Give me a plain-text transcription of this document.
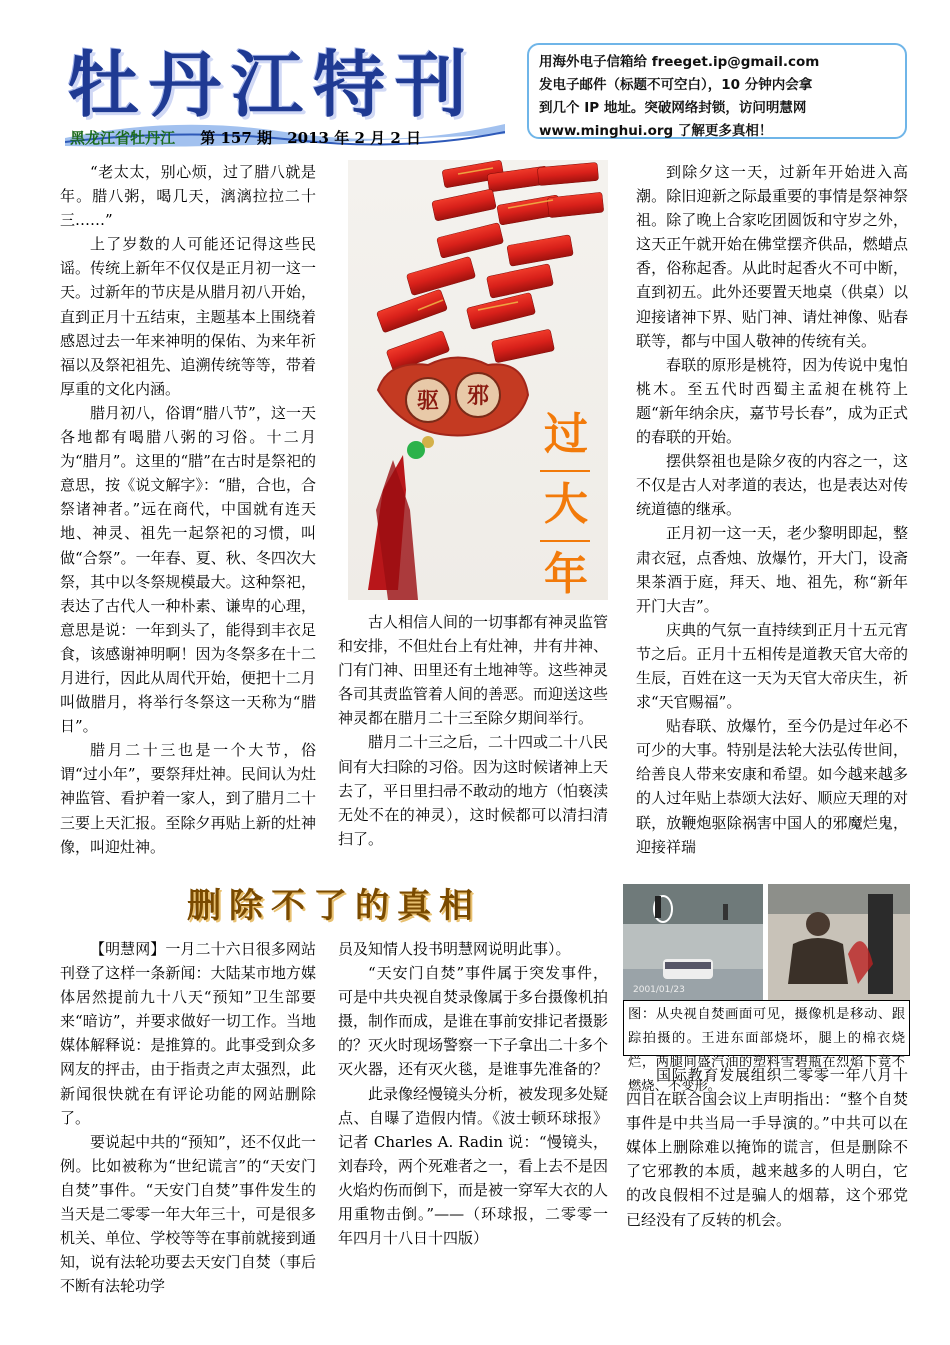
牡丹江特刊
黑龙江省牡丹江 第 157 期 2013 年 2 月 2 日
用海外电子信箱给 freeget.ip@gmail.com
发电子邮件（标题不可空白），10 分钟内会拿
到几个 IP 地址。突破网络封锁，访问明慧网
www.minghui.org 了解更多真相！

“老太太，别心烦，过了腊八就是年。腊八粥，喝几天，漓漓拉拉二十三……”

上了岁数的人可能还记得这些民谣。传统上新年不仅仅是正月初一这一天。过新年的节庆是从腊月初八开始，直到正月十五结束，主题基本上围绕着感恩过去一年来神明的保佑、为来年祈福以及祭祀祖先、追溯传统等等，带着厚重的文化内涵。

腊月初八，俗谓“腊八节”，这一天各地都有喝腊八粥的习俗。十二月为“腊月”。这里的“腊”在古时是祭祀的意思，按《说文解字》：“腊，合也，合祭诸神者。”远在商代，中国就有连天地、神灵、祖先一起祭祀的习惯，叫做“合祭”。一年春、夏、秋、冬四次大祭，其中以冬祭规模最大。这种祭祀，表达了古代人一种朴素、谦卑的心理，意思是说：一年到头了，能得到丰衣足食，该感谢神明啊！因为冬祭多在十二月进行，因此从周代开始，便把十二月叫做腊月，将举行冬祭这一天称为“腊日”。

腊月二十三也是一个大节，俗谓“过小年”，要祭拜灶神。民间认为灶神监管、看护着一家人，到了腊月二十三要上天汇报。至除夕再贴上新的灶神像，叫迎灶神。

驱 邪
过
大
年

古人相信人间的一切事都有神灵监管和安排，不但灶台上有灶神，井有井神、门有门神、田里还有土地神等。这些神灵各司其责监管着人间的善恶。而迎送这些神灵都在腊月二十三至除夕期间举行。

腊月二十三之后，二十四或二十八民间有大扫除的习俗。因为这时候诸神上天去了，平日里扫帚不敢动的地方（怕亵渎无处不在的神灵），这时候都可以清扫清扫了。

到除夕这一天，过新年开始进入高潮。除旧迎新之际最重要的事情是祭神祭祖。除了晚上合家吃团圆饭和守岁之外，这天正午就开始在佛堂摆齐供品，燃蜡点香，俗称起香。从此时起香火不可中断，直到初五。此外还要置天地桌（供桌）以迎接诸神下界、贴门神、请灶神像、贴春联等，都与中国人敬神的传统有关。

春联的原形是桃符，因为传说中鬼怕桃木。至五代时西蜀主孟昶在桃符上题“新年纳余庆，嘉节号长春”，成为正式的春联的开始。

摆供祭祖也是除夕夜的内容之一，这不仅是古人对孝道的表达，也是表达对传统道德的继承。

正月初一这一天，老少黎明即起，整肃衣冠，点香烛、放爆竹，开大门，设斋果茶酒于庭，拜天、地、祖先，称“新年开门大吉”。

庆典的气氛一直持续到正月十五元宵节之后。正月十五相传是道教天官大帝的生辰，百姓在这一天为天官大帝庆生，祈求“天官赐福”。

贴春联、放爆竹，至今仍是过年必不可少的大事。特别是法轮大法弘传世间，给善良人带来安康和希望。如今越来越多的人过年贴上恭颂大法好、顺应天理的对联，放鞭炮驱除祸害中国人的邪魔烂鬼，迎接祥瑞

删除不了的真相

【明慧网】一月二十六日很多网站刊登了这样一条新闻：大陆某市地方媒体居然提前九十八天“预知”卫生部要来“暗访”，并要求做好一切工作。当地媒体解释说：是推算的。此事受到众多网友的抨击，由于指责之声太强烈，此新闻很快就在有评论功能的网站删除了。

要说起中共的“预知”，还不仅此一例。比如被称为“世纪谎言”的“天安门自焚”事件。“天安门自焚”事件发生的当天是二零零一年大年三十，可是很多机关、单位、学校等等在事前就接到通知，说有法轮功要去天安门自焚（事后不断有法轮功学

员及知情人投书明慧网说明此事）。

“天安门自焚”事件属于突发事件，可是中共央视自焚录像属于多台摄像机拍摄，制作而成，是谁在事前安排记者摄影的？灭火时现场警察一下子拿出二十多个灭火器，还有灭火毯，是谁事先准备的？

此录像经慢镜头分析，被发现多处疑点、自曝了造假内情。《波士顿环球报》记者 Charles A. Radin 说：“慢镜头，刘春玲，两个死难者之一，看上去不是因火焰灼伤而倒下，而是被一穿军大衣的人用重物击倒。”——（环球报，二零零一年四月十八日十四版）

2001/01/23
图：从央视自焚画面可见，摄像机是移动、跟踪拍摄的。王进东面部烧坏，腿上的棉衣烧烂，两腿间盛汽油的塑料雪碧瓶在烈焰下竟不燃烧、不变形。

国际教育发展组织二零零一年八月十四日在联合国会议上声明指出：“整个自焚事件是中共当局一手导演的。”中共可以在媒体上删除难以掩饰的谎言，但是删除不了它邪教的本质，越来越多的人明白，它的改良假相不过是骗人的烟幕，这个邪党已经没有了反转的机会。
